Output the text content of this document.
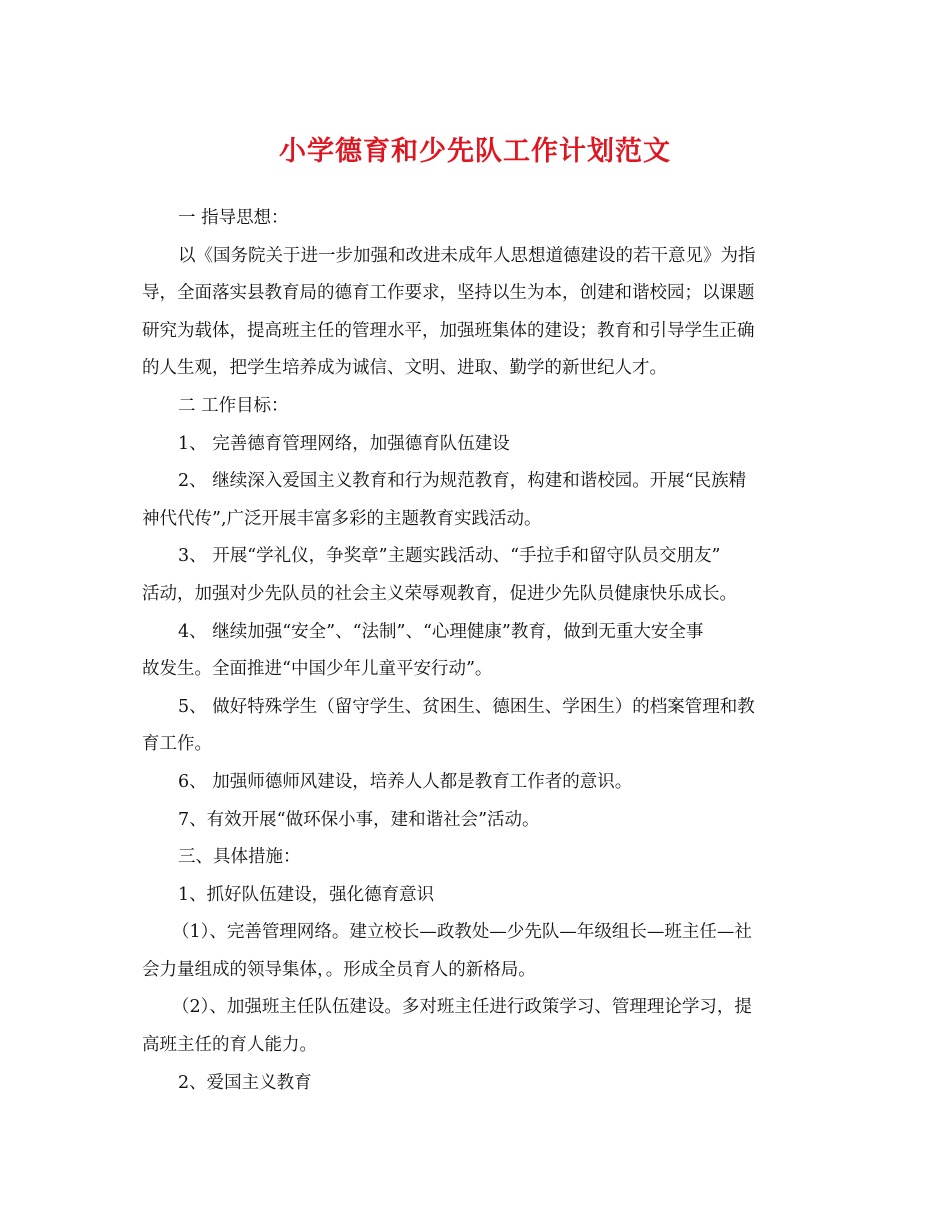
小学德育和少先队工作计划范文

一 指导思想：

以《国务院关于进一步加强和改进未成年人思想道德建设的若干意见》为指

导，全面落实县教育局的德育工作要求，坚持以生为本，创建和谐校园；以课题

研究为载体，提高班主任的管理水平，加强班集体的建设；教育和引导学生正确

的人生观，把学生培养成为诚信、文明、进取、勤学的新世纪人才。

二 工作目标：

1、 完善德育管理网络，加强德育队伍建设

2、 继续深入爱国主义教育和行为规范教育，构建和谐校园。开展“民族精

神代代传”,广泛开展丰富多彩的主题教育实践活动。

3、 开展“学礼仪，争奖章”主题实践活动、“手拉手和留守队员交朋友”

活动，加强对少先队员的社会主义荣辱观教育，促进少先队员健康快乐成长。

4、 继续加强“安全”、“法制”、“心理健康”教育，做到无重大安全事

故发生。全面推进“中国少年儿童平安行动”。

5、 做好特殊学生（留守学生、贫困生、德困生、学困生）的档案管理和教

育工作。

6、 加强师德师风建设，培养人人都是教育工作者的意识。

7、有效开展“做环保小事，建和谐社会”活动。

三、具体措施：

1、抓好队伍建设，强化德育意识

（1）、完善管理网络。建立校长—政教处—少先队—年级组长—班主任—社

会力量组成的领导集体，。形成全员育人的新格局。

（2）、加强班主任队伍建设。多对班主任进行政策学习、管理理论学习，提

高班主任的育人能力。

2、爱国主义教育
